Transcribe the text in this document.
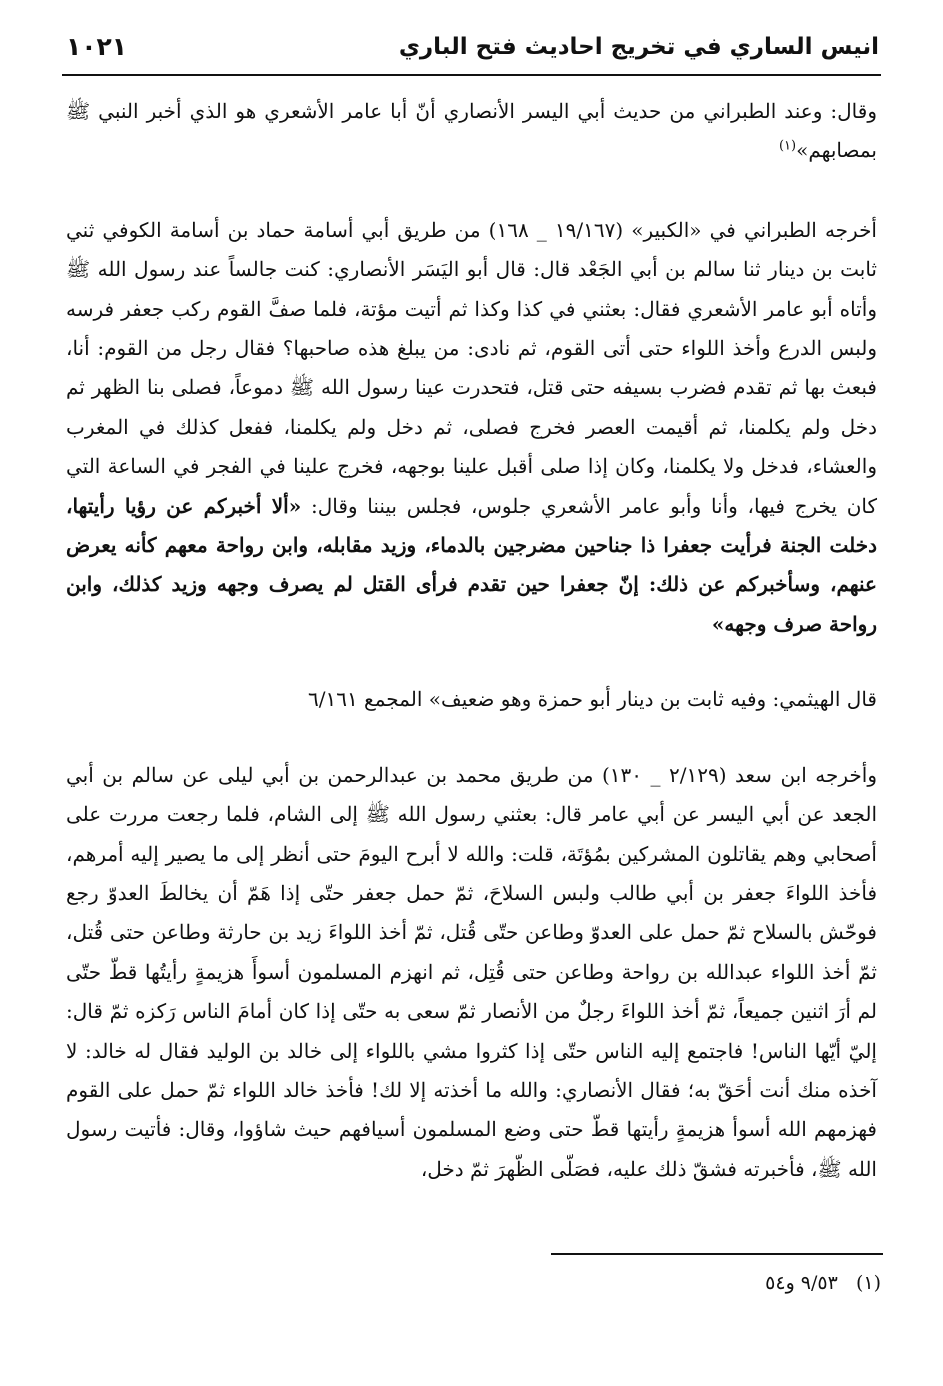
انيس الساري في تخريج احاديث فتح الباري
١٠٢١

وقال: وعند الطبراني من حديث أبي اليسر الأنصاري أنّ أبا عامر الأشعري هو الذي أخبر النبي ﷺ بمصابهم»$^{(١)}$

أخرجه الطبراني في «الكبير» (١٩/١٦٧ _ ١٦٨) من طريق أبي أسامة حماد بن أسامة الكوفي ثني ثابت بن دينار ثنا سالم بن أبي الجَعْد قال: قال أبو اليَسَر الأنصاري: كنت جالساً عند رسول الله ﷺ وأتاه أبو عامر الأشعري فقال: بعثني في كذا وكذا ثم أتيت مؤتة، فلما صفَّ القوم ركب جعفر فرسه ولبس الدرع وأخذ اللواء حتى أتى القوم، ثم نادى: من يبلغ هذه صاحبها؟ فقال رجل من القوم: أنا، فبعث بها ثم تقدم فضرب بسيفه حتى قتل، فتحدرت عينا رسول الله ﷺ دموعاً، فصلى بنا الظهر ثم دخل ولم يكلمنا، ثم أقيمت العصر فخرج فصلى، ثم دخل ولم يكلمنا، ففعل كذلك في المغرب والعشاء، فدخل ولا يكلمنا، وكان إذا صلى أقبل علينا بوجهه، فخرج علينا في الفجر في الساعة التي كان يخرج فيها، وأنا وأبو عامر الأشعري جلوس، فجلس بيننا وقال: «ألا أخبركم عن رؤيا رأيتها، دخلت الجنة فرأيت جعفرا ذا جناحين مضرجين بالدماء، وزيد مقابله، وابن رواحة معهم كأنه يعرض عنهم، وسأخبركم عن ذلك: إنّ جعفرا حين تقدم فرأى القتل لم يصرف وجهه وزيد كذلك، وابن رواحة صرف وجهه»

قال الهيثمي: وفيه ثابت بن دينار أبو حمزة وهو ضعيف» المجمع ٦/١٦١

وأخرجه ابن سعد (٢/١٢٩ _ ١٣٠) من طريق محمد بن عبدالرحمن بن أبي ليلى عن سالم بن أبي الجعد عن أبي اليسر عن أبي عامر قال: بعثني رسول الله ﷺ إلى الشام، فلما رجعت مررت على أصحابي وهم يقاتلون المشركين بمُؤتَة، قلت: والله لا أبرح اليومَ حتى أنظر إلى ما يصير إليه أمرهم، فأخذ اللواءَ جعفر بن أبي طالب ولبس السلاحَ، ثمّ حمل جعفر حتّى إذا هَمّ أن يخالطَ العدوّ رجع فوحّش بالسلاح ثمّ حمل على العدوّ وطاعن حتّى قُتل، ثمّ أخذ اللواءَ زيد بن حارثة وطاعن حتى قُتل، ثمّ أخذ اللواء عبدالله بن رواحة وطاعن حتى قُتِل، ثم انهزم المسلمون أسوأَ هزيمةٍ رأيتُها قطّ حتّى لم أرَ اثنين جميعاً، ثمّ أخذ اللواءَ رجلٌ من الأنصار ثمّ سعى به حتّى إذا كان أمامَ الناس رَكزه ثمّ قال: إليّ أيّها الناس! فاجتمع إليه الناس حتّى إذا كثروا مشي باللواء إلى خالد بن الوليد فقال له خالد: لا آخذه منك أنت أحَقّ به؛ فقال الأنصاري: والله ما أخذته إلا لك! فأخذ خالد اللواء ثمّ حمل على القوم فهزمهم الله أسوأ هزيمةٍ رأيتها قطّ حتى وضع المسلمون أسيافهم حيث شاؤوا، وقال: فأتيت رسول الله ﷺ، فأخبرته فشقّ ذلك عليه، فصَلّى الظّهرَ ثمّ دخل،

(١)   ٩/٥٣ و٥٤
